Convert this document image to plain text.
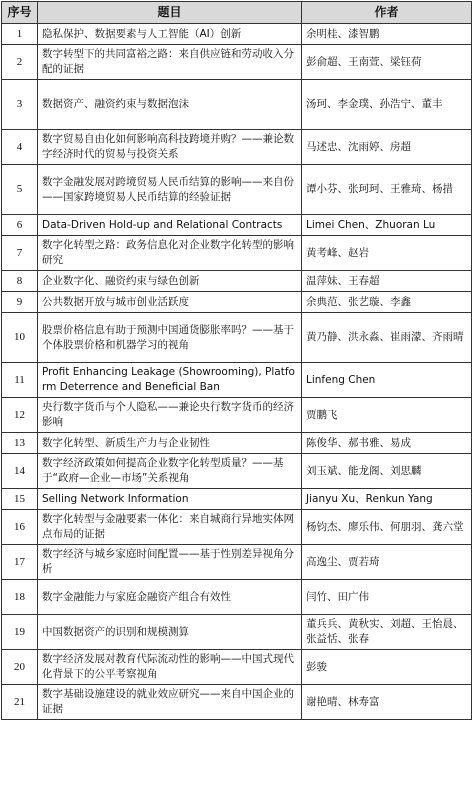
序号	题目	作者
1	隐私保护、数据要素与人工智能（AI）创新	余明桂、漆智鹏
2	数字转型下的共同富裕之路：来自供应链和劳动收入分配的证据	彭俞超、王南萱、梁钰荷
3	数据资产、融资约束与数据泡沫	汤珂、李金璞、孙浩宁、董丰
4	数字贸易自由化如何影响高科技跨境并购？——兼论数字经济时代的贸易与投资关系	马述忠、沈雨婷、房超
5	数字金融发展对跨境贸易人民币结算的影响——来自份——国家跨境贸易人民币结算的经验证据	谭小芬、张珂珂、王雅琦、杨措
6	Data-Driven Hold-up and Relational Contracts	Limei Chen、Zhuoran Lu
7	数字化转型之路：政务信息化对企业数字化转型的影响研究	黄考峰、赵岩
8	企业数字化、融资约束与绿色创新	温萍妹、王春超
9	公共数据开放与城市创业活跃度	余典范、张艺璇、李鑫
10	股票价格信息有助于预测中国通货膨胀率吗？——基于个体股票价格和机器学习的视角	黄乃静、洪永淼、崔雨濛、齐雨晴
11	Profit Enhancing Leakage (Showrooming), Platform Deterrence and Beneficial Ban	Linfeng Chen
12	央行数字货币与个人隐私——兼论央行数字货币的经济影响	贾鹏飞
13	数字化转型、新质生产力与企业韧性	陈俊华、郝书雅、易成
14	数字经济政策如何提高企业数字化转型质量？——基于“政府—企业—市场”关系视角	刘玉斌、能龙阁、刘思麟
15	Selling Network Information	Jianyu Xu、Renkun Yang
16	数字化转型与金融要素一体化：来自城商行异地实体网点布局的证据	杨钧杰、廖乐伟、何朋羽、龚六堂
17	数字经济与城乡家庭时间配置——基于性别差异视角分析	高逸尘、贾若琦
18	数字金融能力与家庭金融资产组合有效性	闫竹、田广伟
19	中国数据资产的识别和规模测算	董兵兵、黄秋实、刘超、王怡晨、张益恬、张春
20	数字经济发展对教育代际流动性的影响——中国式现代化背景下的公平考察视角	彭骏
21	数字基础设施建设的就业效应研究——来自中国企业的证据	谢艳晴、林寿富
